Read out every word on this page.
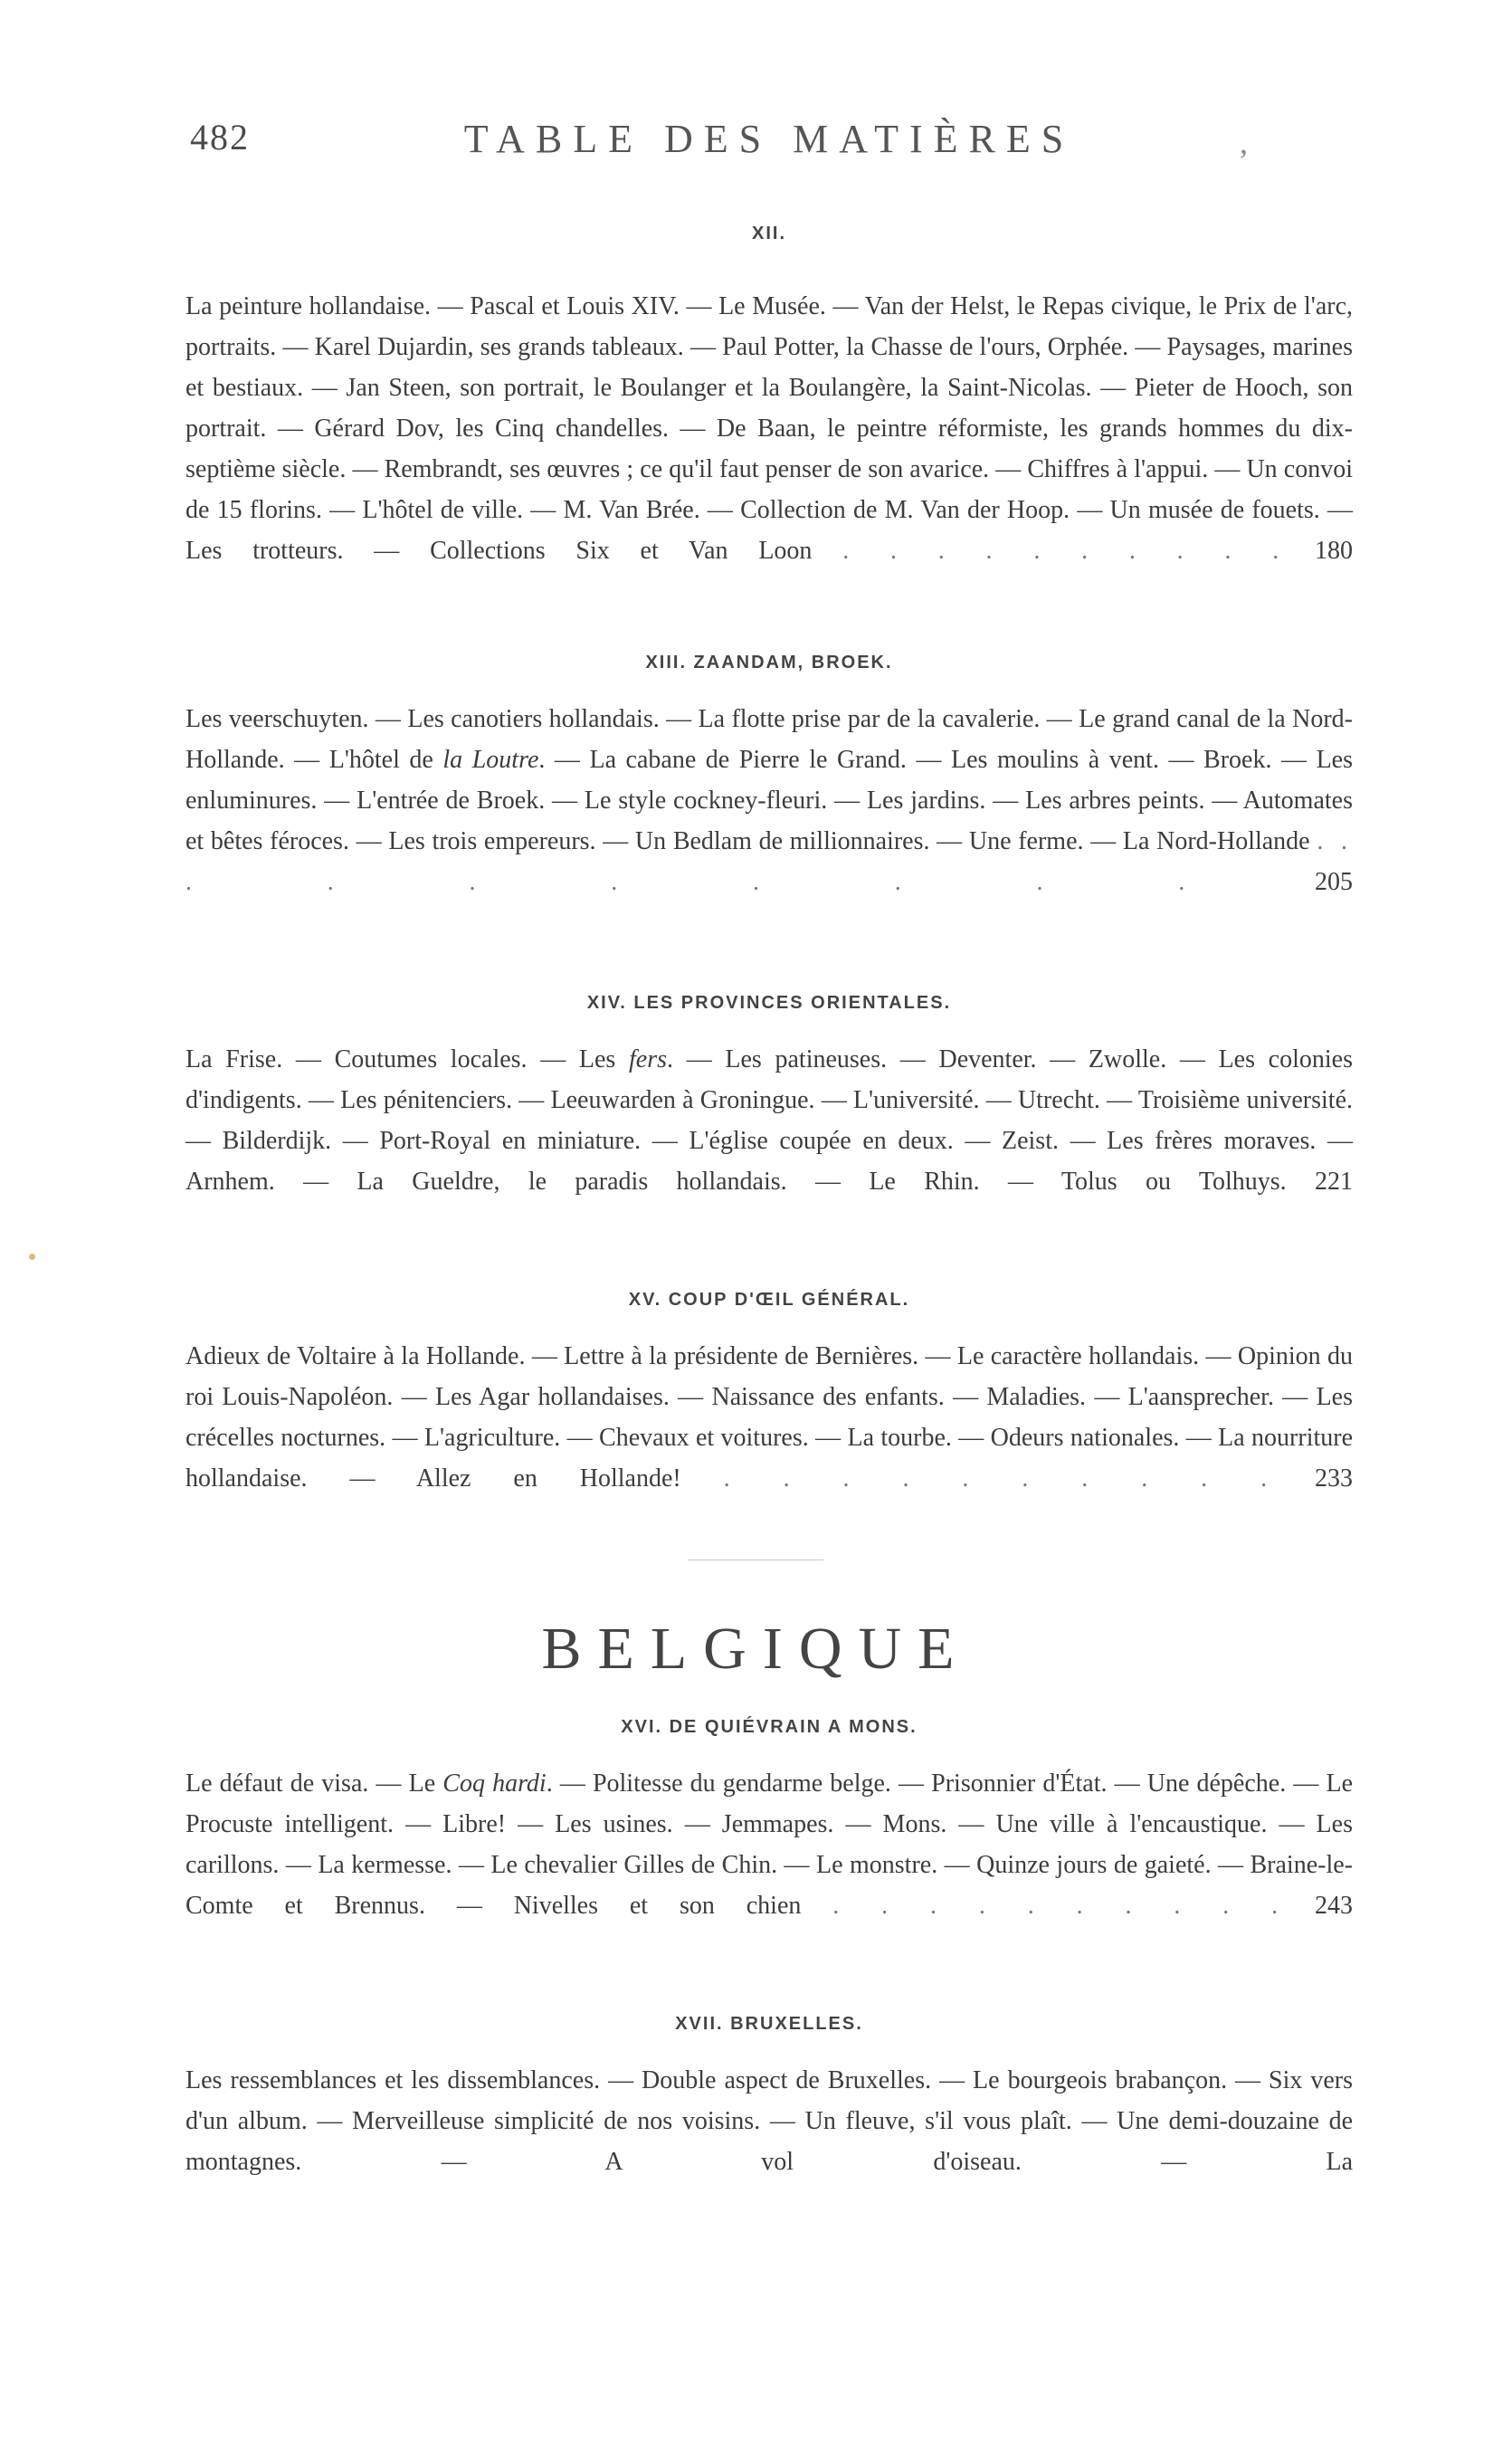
482	TABLE DES MATIÈRES	,
XII.

La peinture hollandaise. — Pascal et Louis XIV. — Le Musée. — Van der Helst, le Repas civique, le Prix de l'arc, portraits. — Karel Dujardin, ses grands tableaux. — Paul Potter, la Chasse de l'ours, Orphée. — Paysages, marines et bestiaux. — Jan Steen, son portrait, le Boulanger et la Boulangère, la Saint-Nicolas. — Pieter de Hooch, son portrait. — Gérard Dov, les Cinq chandelles. — De Baan, le peintre réformiste, les grands hommes du dix-septième siècle. — Rembrandt, ses œuvres ; ce qu'il faut penser de son avarice. — Chiffres à l'appui. — Un convoi de 15 florins. — L'hôtel de ville. — M. Van Brée. — Collection de M. Van der Hoop. — Un musée de fouets. — Les trotteurs. — Collections Six et Van Loon . . . . . . . . . . 180

XIII. ZAANDAM, BROEK.

Les veerschuyten. — Les canotiers hollandais. — La flotte prise par de la cavalerie. — Le grand canal de la Nord-Hollande. — L'hôtel de la Loutre. — La cabane de Pierre le Grand. — Les moulins à vent. — Broek. — Les enluminures. — L'entrée de Broek. — Le style cockney-fleuri. — Les jardins. — Les arbres peints. — Automates et bêtes féroces. — Les trois empereurs. — Un Bedlam de millionnaires. — Une ferme. — La Nord-Hollande . . . . . . . . . .	205

XIV. LES PROVINCES ORIENTALES.

La Frise. — Coutumes locales. — Les fers. — Les patineuses. — Deventer. — Zwolle. — Les colonies d'indigents. — Les pénitenciers. — Leeuwarden à Groningue. — L'université. — Utrecht. — Troisième université. — Bilderdijk. — Port-Royal en miniature. — L'église coupée en deux. — Zeist. — Les frères moraves. — Arnhem. — La Gueldre, le paradis hollandais. — Le Rhin. — Tolus ou Tolhuys. 221

XV. COUP D'ŒIL GÉNÉRAL.

Adieux de Voltaire à la Hollande. — Lettre à la présidente de Bernières. — Le caractère hollandais. — Opinion du roi Louis-Napoléon. — Les Agar hollandaises. — Naissance des enfants. — Maladies. — L'aansprecher. — Les crécelles nocturnes. — L'agriculture. — Chevaux et voitures. — La tourbe. — Odeurs nationales. — La nourriture hollandaise. — Allez en Hollande! . . . . . . . . . . 233

BELGIQUE
XVI. DE QUIÉVRAIN A MONS.

Le défaut de visa. — Le Coq hardi. — Politesse du gendarme belge. — Prisonnier d'État. — Une dépêche. — Le Procuste intelligent. — Libre! — Les usines. — Jemmapes. — Mons. — Une ville à l'encaustique. — Les carillons. — La kermesse. — Le chevalier Gilles de Chin. — Le monstre. — Quinze jours de gaieté. — Braine-le-Comte et Brennus. — Nivelles et son chien . . . . . . . . . . 243

XVII. BRUXELLES.

Les ressemblances et les dissemblances. — Double aspect de Bruxelles. — Le bourgeois brabançon. — Six vers d'un album. — Merveilleuse simplicité de nos voisins. — Un fleuve, s'il vous plaît. — Une demi-douzaine de montagnes. — A vol d'oiseau. — La
